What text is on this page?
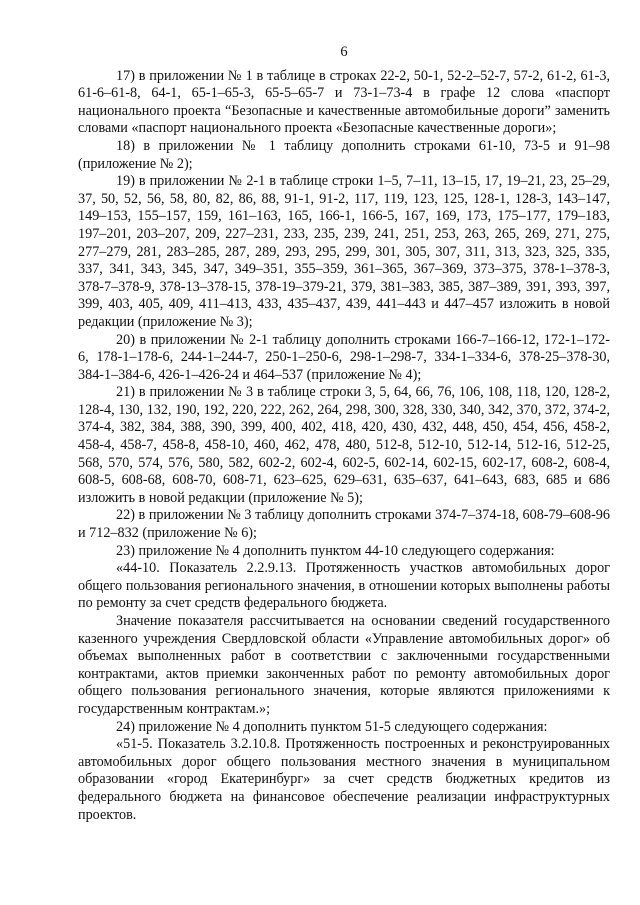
6

17) в приложении № 1 в таблице в строках 22-2, 50-1, 52-2–52-7, 57-2, 61-2, 61-3, 61-6–61-8, 64-1, 65-1–65-3, 65-5–65-7 и 73-1–73-4 в графе 12 слова «паспорт национального проекта “Безопасные и качественные автомобильные дороги” заменить словами «паспорт национального проекта «Безопасные качественные дороги»;

18) в приложении № 1 таблицу дополнить строками 61-10, 73-5 и 91–98 (приложение № 2);

19) в приложении № 2-1 в таблице строки 1–5, 7–11, 13–15, 17, 19–21, 23, 25–29, 37, 50, 52, 56, 58, 80, 82, 86, 88, 91-1, 91-2, 117, 119, 123, 125, 128-1, 128-3, 143–147, 149–153, 155–157, 159, 161–163, 165, 166-1, 166-5, 167, 169, 173, 175–177, 179–183, 197–201, 203–207, 209, 227–231, 233, 235, 239, 241, 251, 253, 263, 265, 269, 271, 275, 277–279, 281, 283–285, 287, 289, 293, 295, 299, 301, 305, 307, 311, 313, 323, 325, 335, 337, 341, 343, 345, 347, 349–351, 355–359, 361–365, 367–369, 373–375, 378-1–378-3, 378-7–378-9, 378-13–378-15, 378-19–379-21, 379, 381–383, 385, 387–389, 391, 393, 397, 399, 403, 405, 409, 411–413, 433, 435–437, 439, 441–443 и 447–457 изложить в новой редакции (приложение № 3);

20) в приложении № 2-1 таблицу дополнить строками 166-7–166-12, 172-1–172-6, 178-1–178-6, 244-1–244-7, 250-1–250-6, 298-1–298-7, 334-1–334-6, 378-25–378-30, 384-1–384-6, 426-1–426-24 и 464–537 (приложение № 4);

21) в приложении № 3 в таблице строки 3, 5, 64, 66, 76, 106, 108, 118, 120, 128-2, 128-4, 130, 132, 190, 192, 220, 222, 262, 264, 298, 300, 328, 330, 340, 342, 370, 372, 374-2, 374-4, 382, 384, 388, 390, 399, 400, 402, 418, 420, 430, 432, 448, 450, 454, 456, 458-2, 458-4, 458-7, 458-8, 458-10, 460, 462, 478, 480, 512-8, 512-10, 512-14, 512-16, 512-25, 568, 570, 574, 576, 580, 582, 602-2, 602-4, 602-5, 602-14, 602-15, 602-17, 608-2, 608-4, 608-5, 608-68, 608-70, 608-71, 623–625, 629–631, 635–637, 641–643, 683, 685 и 686 изложить в новой редакции (приложение № 5);

22) в приложении № 3 таблицу дополнить строками 374-7–374-18, 608-79–608-96 и 712–832 (приложение № 6);

23) приложение № 4 дополнить пунктом 44-10 следующего содержания:

«44-10. Показатель 2.2.9.13. Протяженность участков автомобильных дорог общего пользования регионального значения, в отношении которых выполнены работы по ремонту за счет средств федерального бюджета.

Значение показателя рассчитывается на основании сведений государственного казенного учреждения Свердловской области «Управление автомобильных дорог» об объемах выполненных работ в соответствии с заключенными государственными контрактами, актов приемки законченных работ по ремонту автомобильных дорог общего пользования регионального значения, которые являются приложениями к государственным контрактам.»;

24) приложение № 4 дополнить пунктом 51-5 следующего содержания:

«51-5. Показатель 3.2.10.8. Протяженность построенных и реконструированных автомобильных дорог общего пользования местного значения в муниципальном образовании «город Екатеринбург» за счет средств бюджетных кредитов из федерального бюджета на финансовое обеспечение реализации инфраструктурных проектов.
